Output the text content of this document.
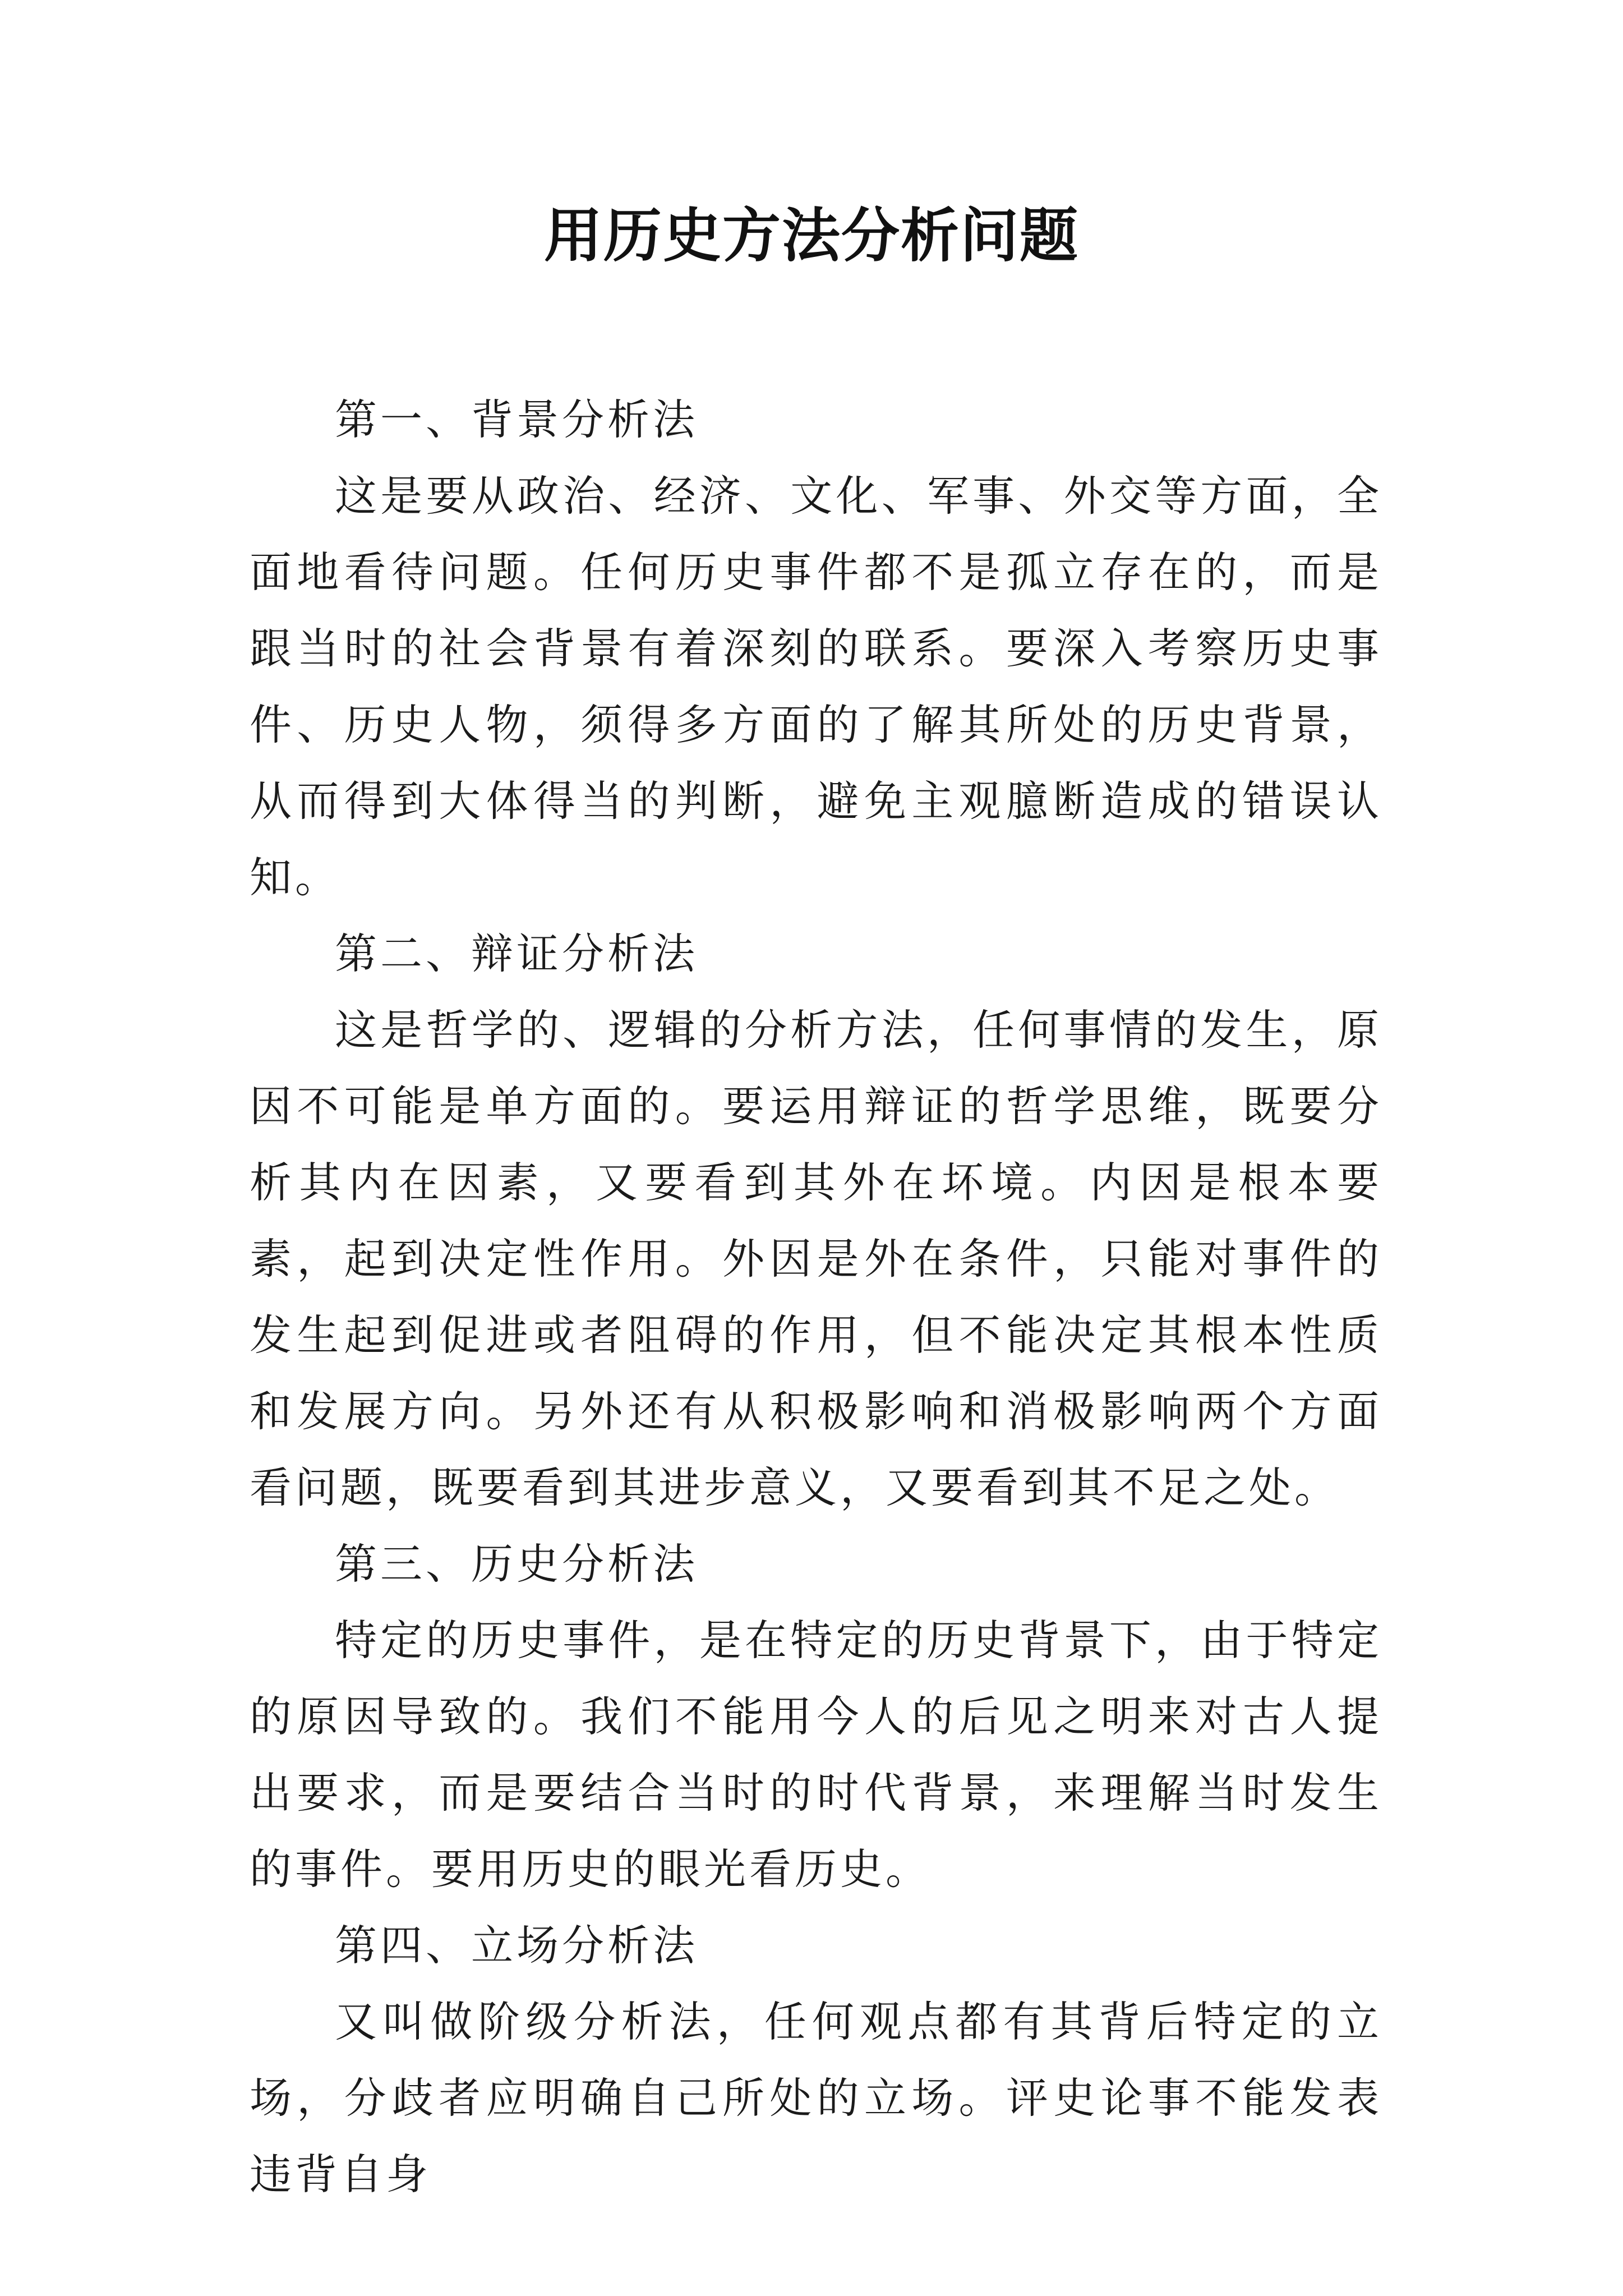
用历史方法分析问题

第一、背景分析法

这是要从政治、经济、文化、军事、外交等方面，全面地看待问题。任何历史事件都不是孤立存在的，而是跟当时的社会背景有着深刻的联系。要深入考察历史事件、历史人物，须得多方面的了解其所处的历史背景，从而得到大体得当的判断，避免主观臆断造成的错误认知。

第二、辩证分析法

这是哲学的、逻辑的分析方法，任何事情的发生，原因不可能是单方面的。要运用辩证的哲学思维，既要分析其内在因素，又要看到其外在坏境。内因是根本要素，起到决定性作用。外因是外在条件，只能对事件的发生起到促进或者阻碍的作用，但不能决定其根本性质和发展方向。另外还有从积极影响和消极影响两个方面看问题，既要看到其进步意义，又要看到其不足之处。

第三、历史分析法

特定的历史事件，是在特定的历史背景下，由于特定的原因导致的。我们不能用今人的后见之明来对古人提出要求，而是要结合当时的时代背景，来理解当时发生的事件。要用历史的眼光看历史。

第四、立场分析法

又叫做阶级分析法，任何观点都有其背后特定的立场，分歧者应明确自己所处的立场。评史论事不能发表违背自身
